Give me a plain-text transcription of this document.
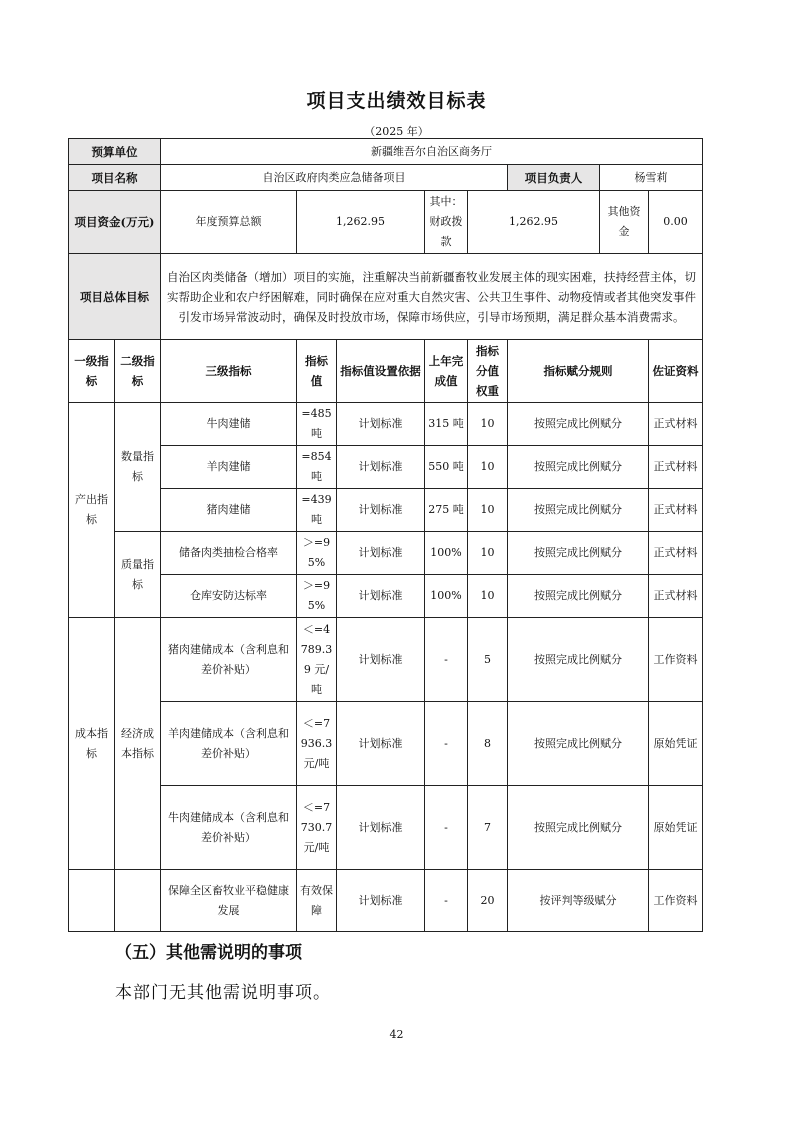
项目支出绩效目标表
（2025 年）
预算单位		新疆维吾尔自治区商务厅							
项目名称		自治区政府肉类应急储备项目					项目负责人	杨雪莉	
项目资金(万元)		年度预算总额	1,262.95		其中：财政拨款	1,262.95		其他资金	0.00
项目总体目标		自治区肉类储备（增加）项目的实施，注重解决当前新疆畜牧业发展主体的现实困难，扶持经营主体，切实帮助企业和农户纾困解难，同时确保在应对重大自然灾害、公共卫生事件、动物疫情或者其他突发事件引发市场异常波动时，确保及时投放市场，保障市场供应，引导市场预期，满足群众基本消费需求。							
一级指标	二级指标	三级指标	指标值	指标值设置依据	上年完成值	指标分值权重	指标赋分规则		佐证资料
产出指标	数量指标	牛肉建储	=485吨	计划标准	315 吨	10	按照完成比例赋分		正式材料
		羊肉建储	=854吨	计划标准	550 吨	10	按照完成比例赋分		正式材料
		猪肉建储	=439吨	计划标准	275 吨	10	按照完成比例赋分		正式材料
	质量指标	储备肉类抽检合格率	＞=95%	计划标准	100%	10	按照完成比例赋分		正式材料
		仓库安防达标率	＞=95%	计划标准	100%	10	按照完成比例赋分		正式材料
成本指标	经济成本指标	猪肉建储成本（含利息和差价补贴）	＜=4789.39 元/吨	计划标准	-	5	按照完成比例赋分		工作资料
		羊肉建储成本（含利息和差价补贴）	＜=7936.3 元/吨	计划标准	-	8	按照完成比例赋分		原始凭证
		牛肉建储成本（含利息和差价补贴）	＜=7730.7 元/吨	计划标准	-	7	按照完成比例赋分		原始凭证
		保障全区畜牧业平稳健康发展	有效保障	计划标准	-	20	按评判等级赋分		工作资料
（五）其他需说明的事项
本部门无其他需说明事项。
42
